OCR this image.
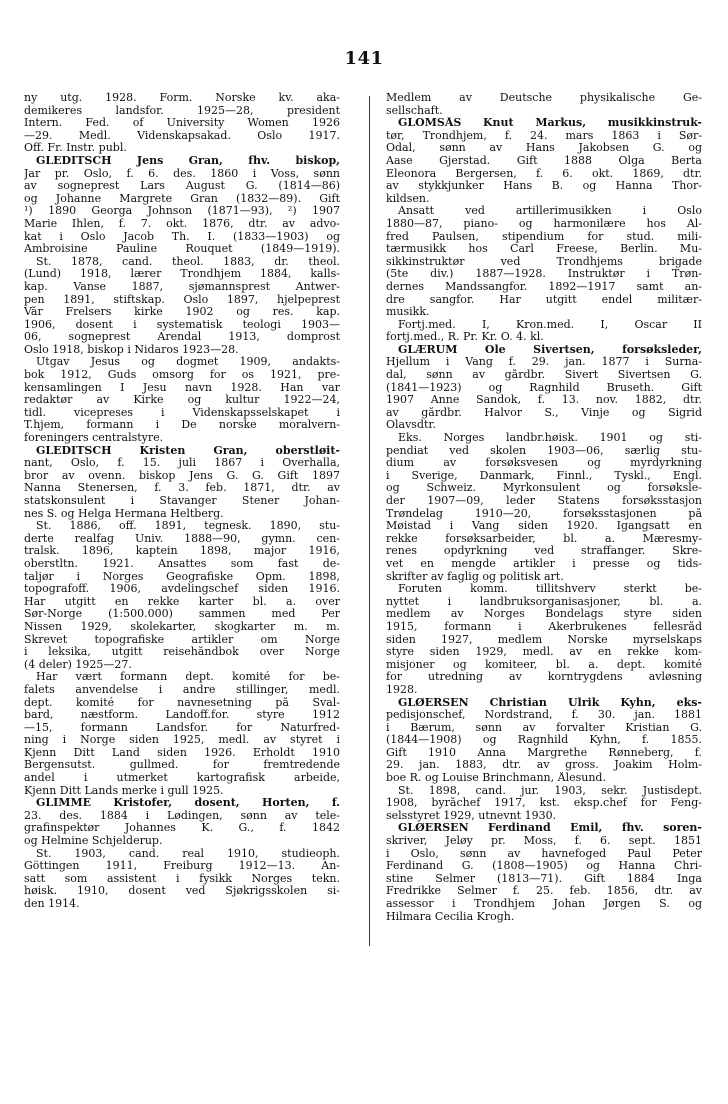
141
ny utg. 1928. Form. Norske kv. aka-
demikeres landsfor. 1925—28, president
Intern. Fed. of University Women 1926
—29. Medl. Videnskapsakad. Oslo 1917.
Off. Fr. Instr. publ.
GLEDITSCH Jens Gran, fhv. biskop,
Jar pr. Oslo, f. 6. des. 1860 i Voss, sønn
av sogneprest Lars August G. (1814—86)
og Johanne Margrete Gran (1832—89). Gift
¹) 1890 Georga Johnson (1871—93), ²) 1907
Marie Ihlen, f. 7. okt. 1876, dtr. av advo-
kat i Oslo Jacob Th. I. (1833—1903) og
Ambroisine Pauline Rouquet (1849—1919).
St. 1878, cand. theol. 1883, dr. theol.
(Lund) 1918, lærer Trondhjem 1884, kalls-
kap. Vanse 1887, sjømannsprest Antwer-
pen 1891, stiftskap. Oslo 1897, hjelpeprest
Vår Frelsers kirke 1902 og res. kap.
1906, dosent i systematisk teologi 1903—
06, sogneprest Arendal 1913, domprost
Oslo 1918, biskop i Nidaros 1923—28.
Utgav Jesus og dogmet 1909, andakts-
bok 1912, Guds omsorg for os 1921, pre-
kensamlingen I Jesu navn 1928. Han var
redaktør av Kirke og kultur 1922—24,
tidl. vicepreses i Videnskapsselskapet i
T.hjem, formann i De norske moralvern-
foreningers centralstyre.
GLEDITSCH Kristen Gran, oberstløit-
nant, Oslo, f. 15. juli 1867 i Overhalla,
bror av ovenn. biskop Jens G. G. Gift 1897
Nanna Stenersen, f. 3. feb. 1871, dtr. av
statskonsulent i Stavanger Stener Johan-
nes S. og Helga Hermana Heltberg.
St. 1886, off. 1891, tegnesk. 1890, stu-
derte realfag Univ. 1888—90, gymn. cen-
tralsk. 1896, kaptein 1898, major 1916,
oberstltn. 1921. Ansattes som fast de-
taljør i Norges Geografiske Opm. 1898,
topografoff. 1906, avdelingschef siden 1916.
Har utgitt en rekke karter bl. a. over
Sør-Norge (1:500.000) sammen med Per
Nissen 1929, skolekarter, skogkarter m. m.
Skrevet topografiske artikler om Norge
i leksika, utgitt reisehåndbok over Norge
(4 deler) 1925—27.
Har vært formann dept. komité for be-
falets anvendelse i andre stillinger, medl.
dept. komité for navnesetning på Sval-
bard, næstform. Landoff.for. styre 1912
—15, formann Landsfor. for Naturfred-
ning i Norge siden 1925, medl. av styret i
Kjenn Ditt Land siden 1926. Erholdt 1910
Bergensutst. gullmed. for fremtredende
andel i utmerket kartografisk arbeide,
Kjenn Ditt Lands merke i gull 1925.
GLIMME Kristofer, dosent, Horten, f.
23. des. 1884 i Lødingen, sønn av tele-
grafinspektør Johannes K. G., f. 1842
og Helmine Schjelderup.
St. 1903, cand. real 1910, studieoph.
Göttingen 1911, Freiburg 1912—13. An-
satt som assistent i fysikk Norges tekn.
høisk. 1910, dosent ved Sjøkrigsskolen si-
den 1914.
Medlem av Deutsche physikalische Ge-
sellschaft.
GLOMSÅS Knut Markus, musikkinstruk-
tør, Trondhjem, f. 24. mars 1863 i Sør-
Odal, sønn av Hans Jakobsen G. og
Aase Gjerstad. Gift 1888 Olga Berta
Eleonora Bergersen, f. 6. okt. 1869, dtr.
av stykkjunker Hans B. og Hanna Thor-
kildsen.
Ansatt ved artillerimusikken i Oslo
1880—87, piano- og harmonilære hos Al-
fred Paulsen, stipendium for stud. mili-
tærmusikk hos Carl Freese, Berlin. Mu-
sikkinstruktør ved Trondhjems brigade
(5te div.) 1887—1928. Instruktør i Trøn-
dernes Mandssangfor. 1892—1917 samt an-
dre sangfor. Har utgitt endel militær-
musikk.
Fortj.med. I, Kron.med. I, Oscar II
fortj.med., R. Pr. Kr. O. 4. kl.
GLÆRUM Ole Sivertsen, forsøksleder,
Hjellum i Vang f. 29. jan. 1877 i Surna-
dal, sønn av gårdbr. Sivert Sivertsen G.
(1841—1923) og Ragnhild Bruseth. Gift
1907 Anne Sandok, f. 13. nov. 1882, dtr.
av gårdbr. Halvor S., Vinje og Sigrid
Olavsdtr.
Eks. Norges landbr.høisk. 1901 og sti-
pendiat ved skolen 1903—06, særlig stu-
dium av forsøksvesen og myrdyrkning
i Sverige, Danmark, Finnl., Tyskl., Engl.
og Schweiz. Myrkonsulent og forsøksle-
der 1907—09, leder Statens forsøksstasjon
Trøndelag 1910—20, forsøksstasjonen på
Møistad i Vang siden 1920. Igangsatt en
rekke forsøksarbeider, bl. a. Mæresmy-
renes opdyrkning ved straffanger. Skre-
vet en mengde artikler i presse og tids-
skrifter av faglig og politisk art.
Foruten komm. tillitshverv sterkt be-
nyttet i landbruksorganisasjoner, bl. a.
medlem av Norges Bondelags styre siden
1915, formann i Akerbrukenes fellesråd
siden 1927, medlem Norske myrselskaps
styre siden 1929, medl. av en rekke kom-
misjoner og komiteer, bl. a. dept. komité
for utredning av korntrygdens avløsning
1928.
GLØERSEN Christian Ulrik Kyhn, eks-
pedisjonschef, Nordstrand, f. 30. jan. 1881
i Bærum, sønn av forvalter Kristian G.
(1844—1908) og Ragnhild Kyhn, f. 1855.
Gift 1910 Anna Margrethe Rønneberg, f.
29. jan. 1883, dtr. av gross. Joakim Holm-
boe R. og Louise Brinchmann, Ålesund.
St. 1898, cand. jur. 1903, sekr. Justisdept.
1908, byråchef 1917, kst. eksp.chef for Feng-
selsstyret 1929, utnevnt 1930.
GLØERSEN Ferdinand Emil, fhv. soren-
skriver, Jeløy pr. Moss, f. 6. sept. 1851
i Oslo, sønn av havnefoged Paul Peter
Ferdinand G. (1808—1905) og Hanna Chri-
stine Selmer (1813—71). Gift 1884 Inga
Fredrikke Selmer f. 25. feb. 1856, dtr. av
assessor i Trondhjem Johan Jørgen S. og
Hilmara Cecilia Krogh.
